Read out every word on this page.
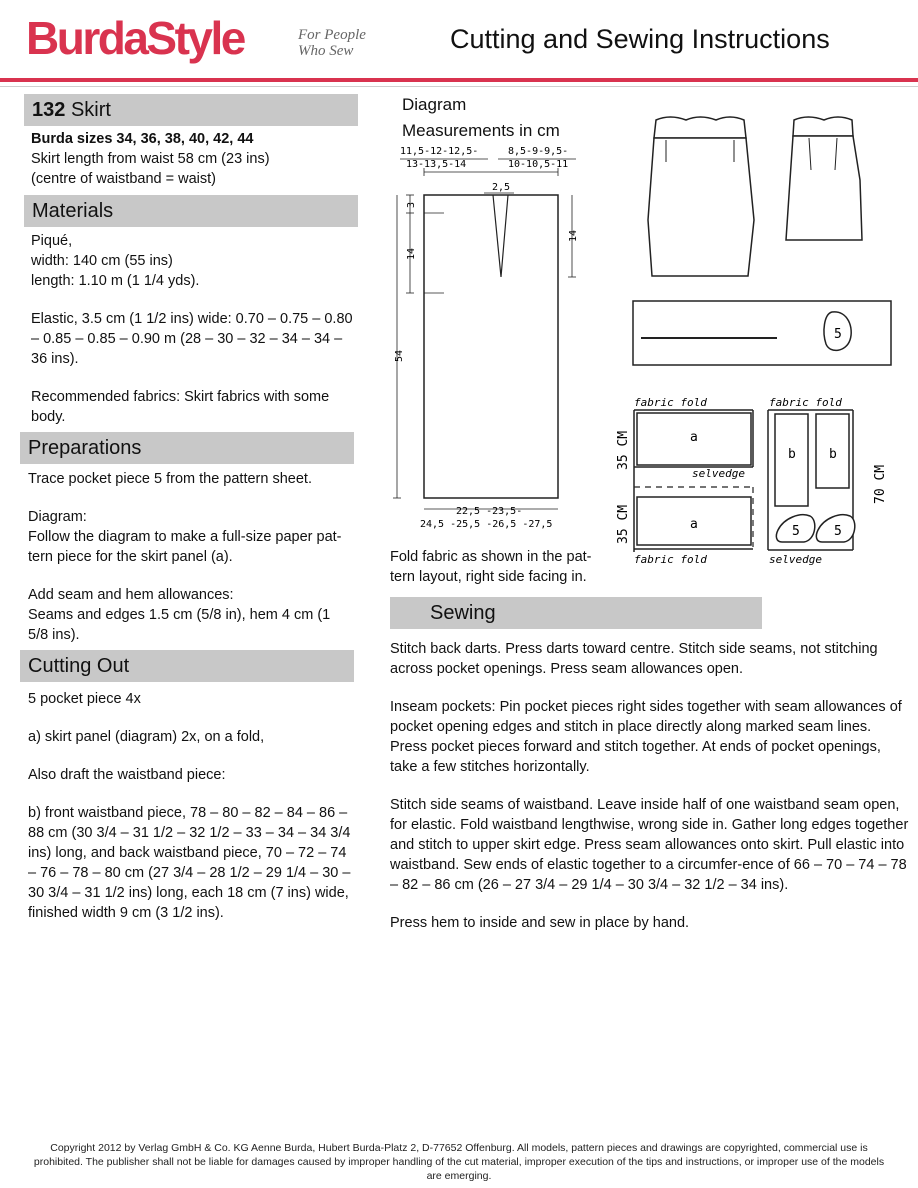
BurdaStyle	For People
Who Sew	Cutting and Sewing Instructions
132 Skirt
Burda sizes 34, 36, 38, 40, 42, 44
Skirt length from waist 58 cm (23 ins)
(centre of waistband = waist)
Materials
Piqué,
width: 140 cm (55 ins)
length: 1.10 m (1 1/4 yds).
Elastic, 3.5 cm (1 1/2 ins) wide: 0.70 – 0.75 – 0.80 – 0.85 – 0.85 – 0.90 m (28 – 30 – 32 – 34 – 34 – 36 ins).
Recommended fabrics: Skirt fabrics with some body.
Preparations
Trace pocket piece 5 from the pattern sheet.
Diagram:
Follow the diagram to make a full-size paper pat-tern piece for the skirt panel (a).
Add seam and hem allowances:
Seams and edges 1.5 cm (5/8 in), hem 4 cm (1 5/8 ins).
Cutting Out
5 pocket piece 4x
a) skirt panel (diagram) 2x, on a fold,
Also draft the waistband piece:
b) front waistband piece, 78 – 80 – 82 – 84 – 86 – 88 cm (30 3/4 – 31 1/2 – 32 1/2 – 33 – 34 – 34 3/4 ins) long, and back waistband piece, 70 – 72 – 74 – 76 – 78 – 80 cm (27 3/4 – 28 1/2 – 29 1/4 – 30 – 30 3/4 – 31 1/2 ins) long, each 18 cm (7 ins) wide, finished width 9 cm (3 1/2 ins).
Diagram
Measurements in cm
11,5-12-12,5-
13-13,5-14
8,5-9-9,5-
10-10,5-11
2,5
3
14
54
14
22,5 -23,5-
24,5 -25,5 -26,5 -27,5
5
fabric fold
a
selvedge
a
fabric fold
35 CM
35 CM
fabric fold
b	b
5	5
selvedge
70 CM
Fold fabric as shown in the pat-tern layout, right side facing in.
Sewing
Stitch back darts. Press darts toward centre. Stitch side seams, not stitching across pocket openings. Press seam allowances open.
Inseam pockets: Pin pocket pieces right sides together with seam allowances of pocket opening edges and stitch in place directly along marked seam lines. Press pocket pieces forward and stitch together. At ends of pocket openings, take a few stitches horizontally.
Stitch side seams of waistband. Leave inside half of one waistband seam open, for elastic. Fold waistband lengthwise, wrong side in. Gather long edges together and stitch to upper skirt edge. Press seam allowances onto skirt. Pull elastic into waistband. Sew ends of elastic together to a circumfer-ence of 66 – 70 – 74 – 78 – 82 – 86 cm (26 – 27 3/4 – 29 1/4 – 30 3/4 – 32 1/2 – 34 ins).
Press hem to inside and sew in place by hand.
Copyright 2012 by Verlag GmbH & Co. KG Aenne Burda, Hubert Burda-Platz 2, D-77652 Offenburg. All models, pattern pieces and drawings are copyrighted, commercial use is prohibited. The publisher shall not be liable for damages caused by improper handling of the cut material, improper execution of the tips and instructions, or improper use of the models are emerging.
